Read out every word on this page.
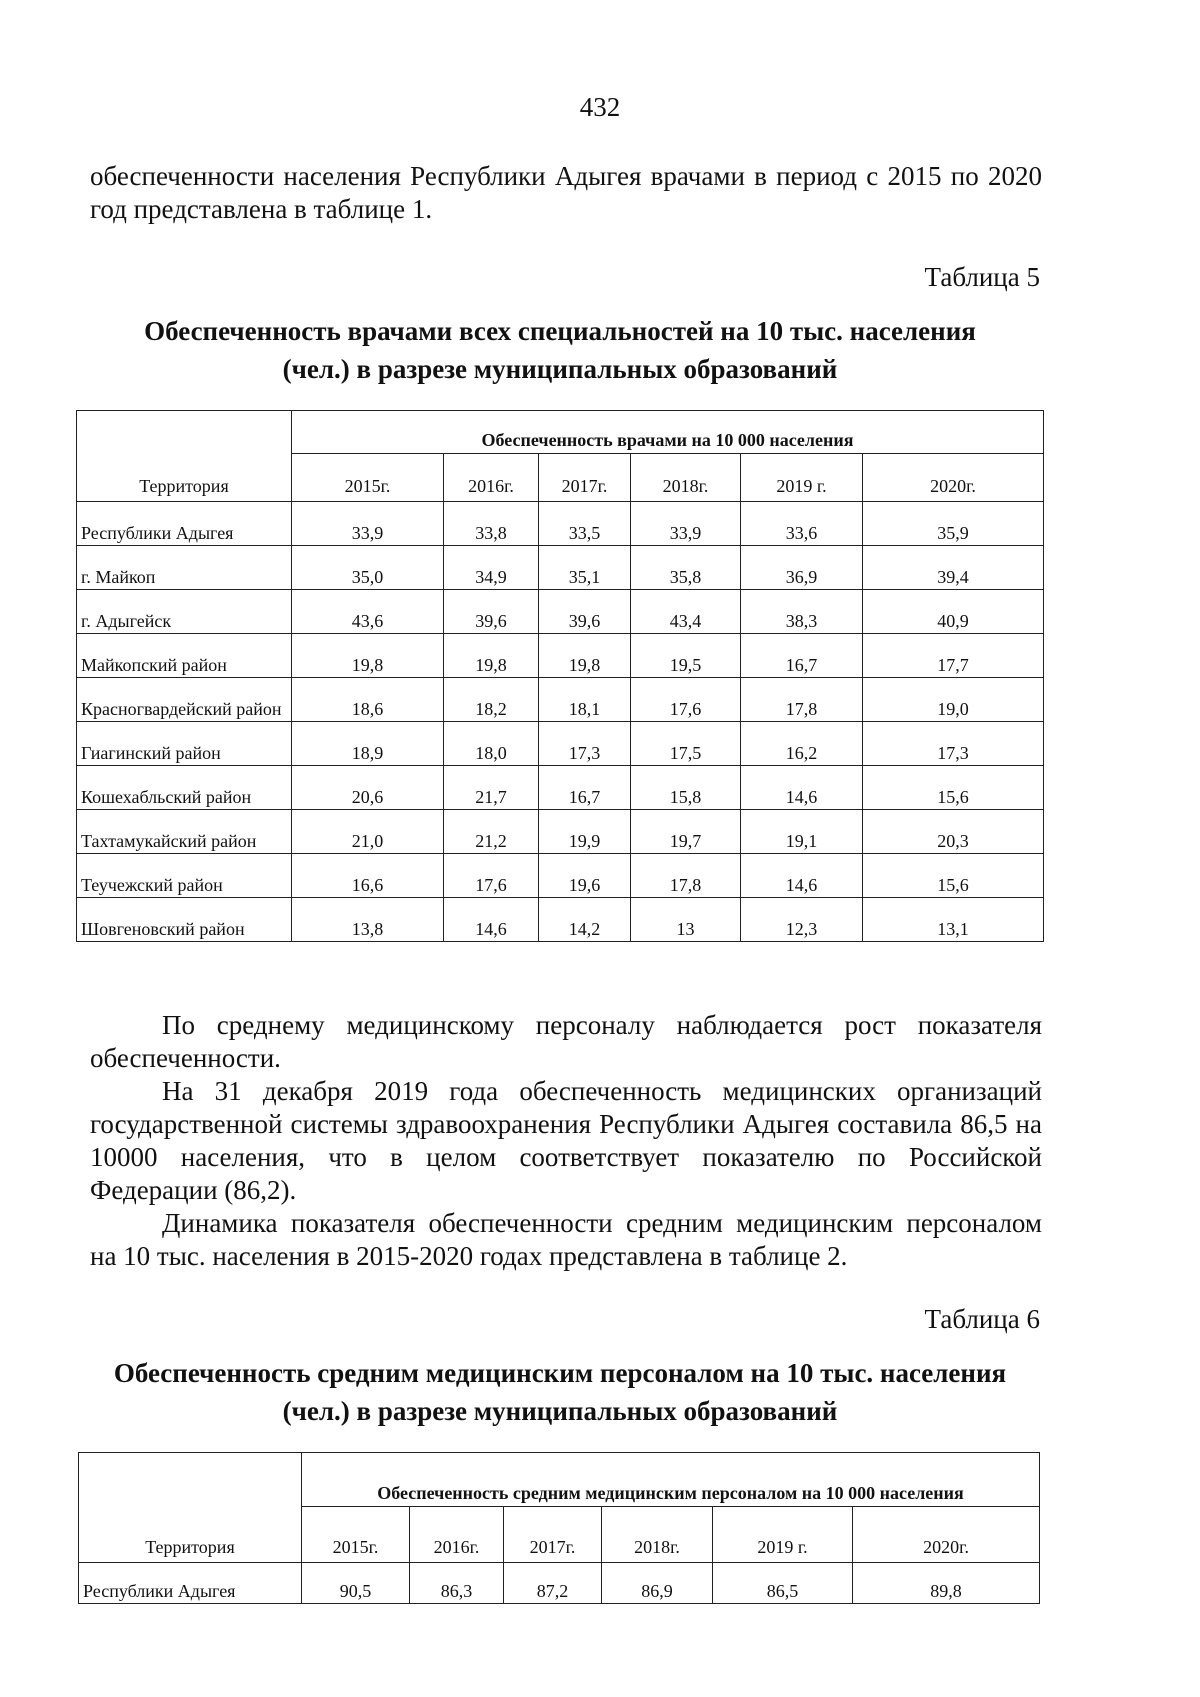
432
обеспеченности населения Республики Адыгея врачами в период с 2015 по 2020 год представлена в таблице 1.
Таблица 5
Обеспеченность врачами всех специальностей на 10 тыс. населения
(чел.) в разрезе муниципальных образований
Территория	Обеспеченность врачами на 10 000 населения					
	2015г.	2016г.	2017г.	2018г.	2019 г.	2020г.
Республики Адыгея	33,9	33,8	33,5	33,9	33,6	35,9
г. Майкоп	35,0	34,9	35,1	35,8	36,9	39,4
г. Адыгейск	43,6	39,6	39,6	43,4	38,3	40,9
Майкопский район	19,8	19,8	19,8	19,5	16,7	17,7
Красногвардейский район	18,6	18,2	18,1	17,6	17,8	19,0
Гиагинский район	18,9	18,0	17,3	17,5	16,2	17,3
Кошехабльский район	20,6	21,7	16,7	15,8	14,6	15,6
Тахтамукайский район	21,0	21,2	19,9	19,7	19,1	20,3
Теучежский район	16,6	17,6	19,6	17,8	14,6	15,6
Шовгеновский район	13,8	14,6	14,2	13	12,3	13,1
По среднему медицинскому персоналу наблюдается рост показателя обеспеченности.
На 31 декабря 2019 года обеспеченность медицинских организаций государственной системы здравоохранения Республики Адыгея составила 86,5 на 10000 населения, что в целом соответствует показателю по Российской Федерации (86,2).
Динамика показателя обеспеченности средним медицинским персоналом на 10 тыс. населения в 2015-2020 годах представлена в таблице 2.
Таблица 6
Обеспеченность средним медицинским персоналом на 10 тыс. населения
(чел.) в разрезе муниципальных образований
Территория	Обеспеченность средним медицинским персоналом на 10 000 населения					
	2015г.	2016г.	2017г.	2018г.	2019 г.	2020г.
Республики Адыгея	90,5	86,3	87,2	86,9	86,5	89,8
